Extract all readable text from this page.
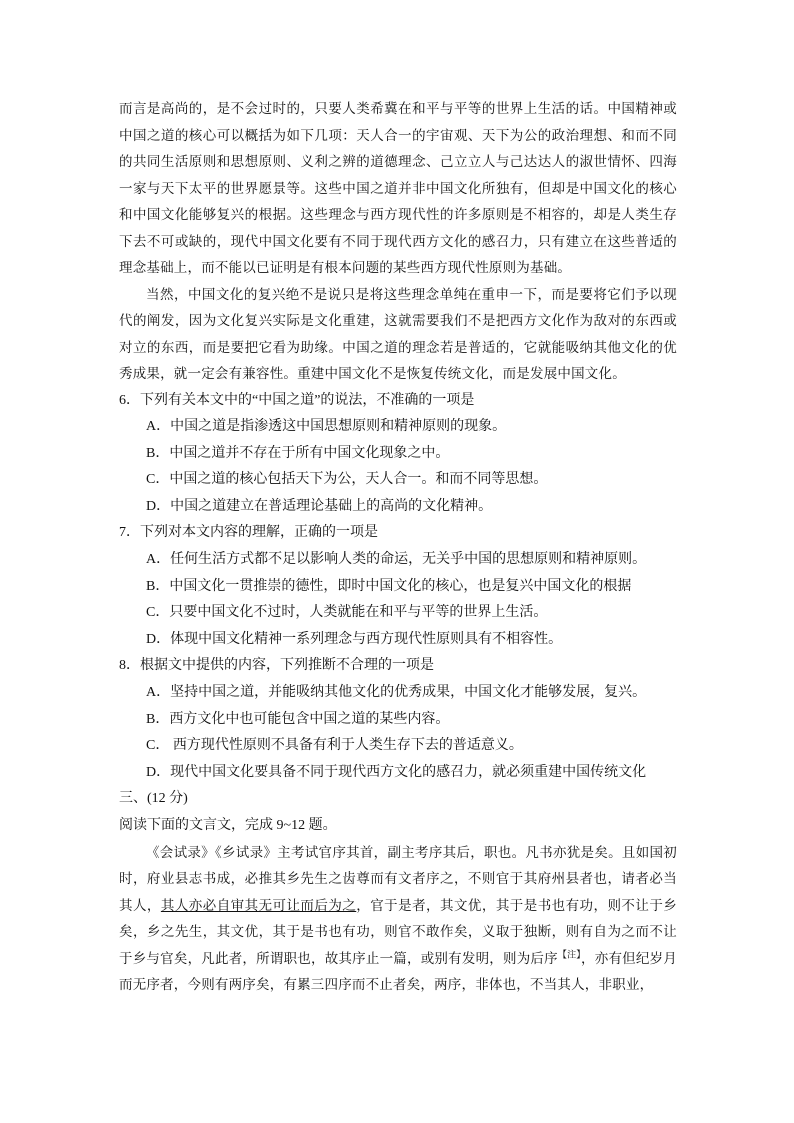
而言是高尚的，是不会过时的，只要人类希冀在和平与平等的世界上生活的话。中国精神或中国之道的核心可以概括为如下几项：天人合一的宇宙观、天下为公的政治理想、和而不同的共同生活原则和思想原则、义利之辨的道德理念、己立立人与己达达人的淑世情怀、四海一家与天下太平的世界愿景等。这些中国之道并非中国文化所独有，但却是中国文化的核心和中国文化能够复兴的根据。这些理念与西方现代性的许多原则是不相容的，却是人类生存下去不可或缺的，现代中国文化要有不同于现代西方文化的感召力，只有建立在这些普适的理念基础上，而不能以已证明是有根本问题的某些西方现代性原则为基础。

当然，中国文化的复兴绝不是说只是将这些理念单纯在重申一下，而是要将它们予以现代的阐发，因为文化复兴实际是文化重建，这就需要我们不是把西方文化作为敌对的东西或对立的东西，而是要把它看为助缘。中国之道的理念若是普适的，它就能吸纳其他文化的优秀成果，就一定会有兼容性。重建中国文化不是恢复传统文化，而是发展中国文化。

6．下列有关本文中的“中国之道”的说法，不准确的一项是

A．中国之道是指渗透这中国思想原则和精神原则的现象。

B．中国之道并不存在于所有中国文化现象之中。

C．中国之道的核心包括天下为公，天人合一。和而不同等思想。

D．中国之道建立在普适理论基础上的高尚的文化精神。

7．下列对本文内容的理解，正确的一项是

A．任何生活方式都不足以影响人类的命运，无关乎中国的思想原则和精神原则。

B．中国文化一贯推崇的德性，即时中国文化的核心，也是复兴中国文化的根据

C．只要中国文化不过时，人类就能在和平与平等的世界上生活。

D．体现中国文化精神一系列理念与西方现代性原则具有不相容性。

8．根据文中提供的内容，下列推断不合理的一项是

A．坚持中国之道，并能吸纳其他文化的优秀成果，中国文化才能够发展，复兴。

B．西方文化中也可能包含中国之道的某些内容。

C． 西方现代性原则不具备有利于人类生存下去的普适意义。

D．现代中国文化要具备不同于现代西方文化的感召力，就必须重建中国传统文化

三、(12 分)

阅读下面的文言文，完成 9~12 题。

《会试录》《乡试录》主考试官序其首，副主考序其后，职也。凡书亦犹是矣。且如国初时，府业县志书成，必推其乡先生之齿尊而有文者序之，不则官于其府州县者也，请者必当其人，其人亦必自审其无可让而后为之，官于是者，其文优，其于是书也有功，则不让于乡矣，乡之先生，其文优，其于是书也有功，则官不敢作矣，义取于独断，则有自为之而不让于乡与官矣，凡此者，所谓职也，故其序止一篇，或别有发明，则为后序$^{【注】}$，亦有但纪岁月而无序者，今则有两序矣，有累三四序而不止者矣，两序，非体也，不当其人，非职业，
